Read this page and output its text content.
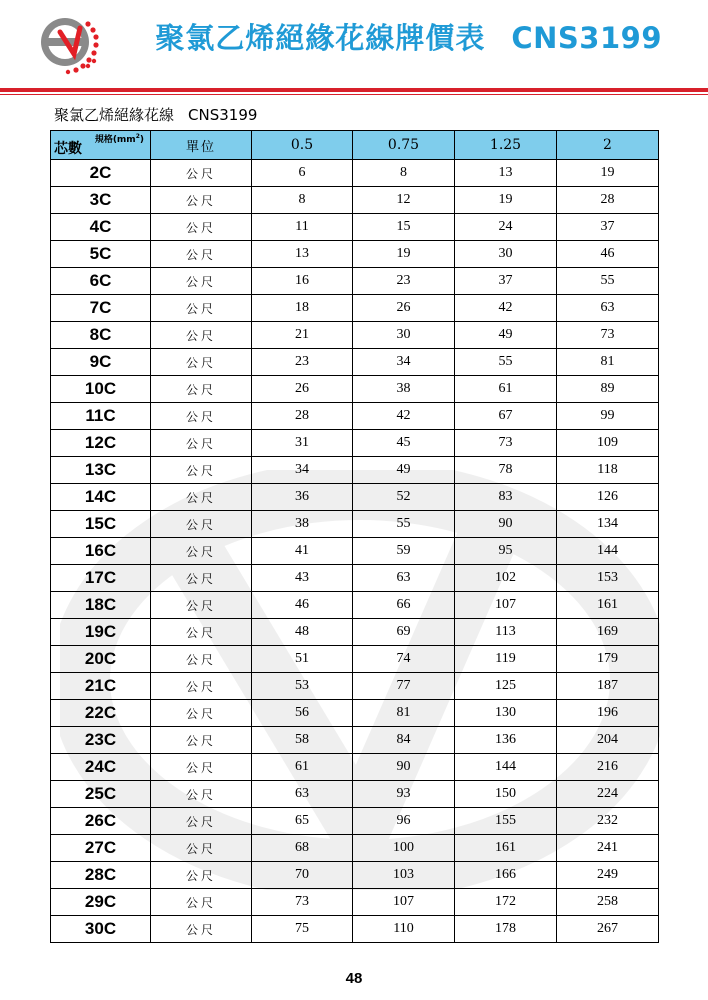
聚氯乙烯絕緣花線牌價表 CNS3199
聚氯乙烯絕緣花線 CNS3199
規格$(mm^2)$
芯數	單位	0.5	0.75	1.25	2
2C	公尺	6	8	13	19
3C	公尺	8	12	19	28
4C	公尺	11	15	24	37
5C	公尺	13	19	30	46
6C	公尺	16	23	37	55
7C	公尺	18	26	42	63
8C	公尺	21	30	49	73
9C	公尺	23	34	55	81
10C	公尺	26	38	61	89
11C	公尺	28	42	67	99
12C	公尺	31	45	73	109
13C	公尺	34	49	78	118
14C	公尺	36	52	83	126
15C	公尺	38	55	90	134
16C	公尺	41	59	95	144
17C	公尺	43	63	102	153
18C	公尺	46	66	107	161
19C	公尺	48	69	113	169
20C	公尺	51	74	119	179
21C	公尺	53	77	125	187
22C	公尺	56	81	130	196
23C	公尺	58	84	136	204
24C	公尺	61	90	144	216
25C	公尺	63	93	150	224
26C	公尺	65	96	155	232
27C	公尺	68	100	161	241
28C	公尺	70	103	166	249
29C	公尺	73	107	172	258
30C	公尺	75	110	178	267
48
